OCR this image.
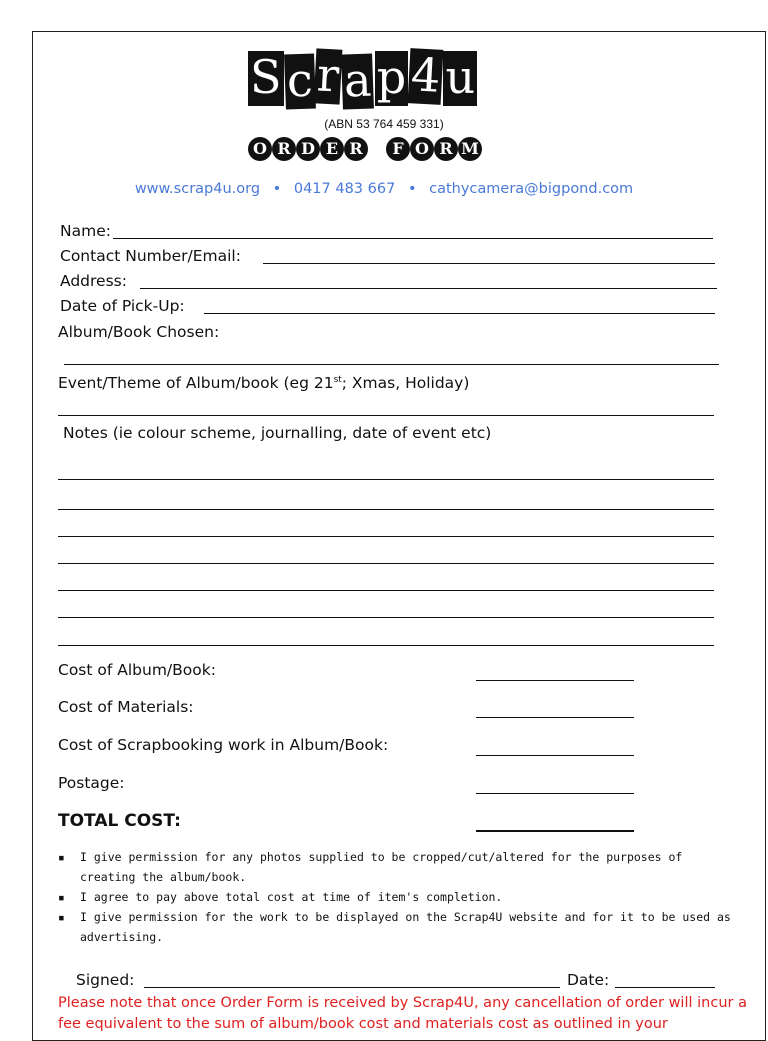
S c r a p 4 u
(ABN 53 764 459 331)
O R D E R	F O R M
www.scrap4u.org • 0417 483 667 • cathycamera@bigpond.com
Name:
Contact Number/Email:
Address:
Date of Pick-Up:
Album/Book Chosen:
Event/Theme of Album/book (eg 21st; Xmas, Holiday)
Notes (ie colour scheme, journalling, date of event etc)
Cost of Album/Book:
Cost of Materials:
Cost of Scrapbooking work in Album/Book:
Postage:
TOTAL COST:
▪ I give permission for any photos supplied to be cropped/cut/altered for the purposes of creating the album/book.
▪ I agree to pay above total cost at time of item's completion.
▪ I give permission for the work to be displayed on the Scrap4U website and for it to be used as advertising.
Signed:	Date:
Please note that once Order Form is received by Scrap4U, any cancellation of order will incur a fee equivalent to the sum of album/book cost and materials cost as outlined in your
